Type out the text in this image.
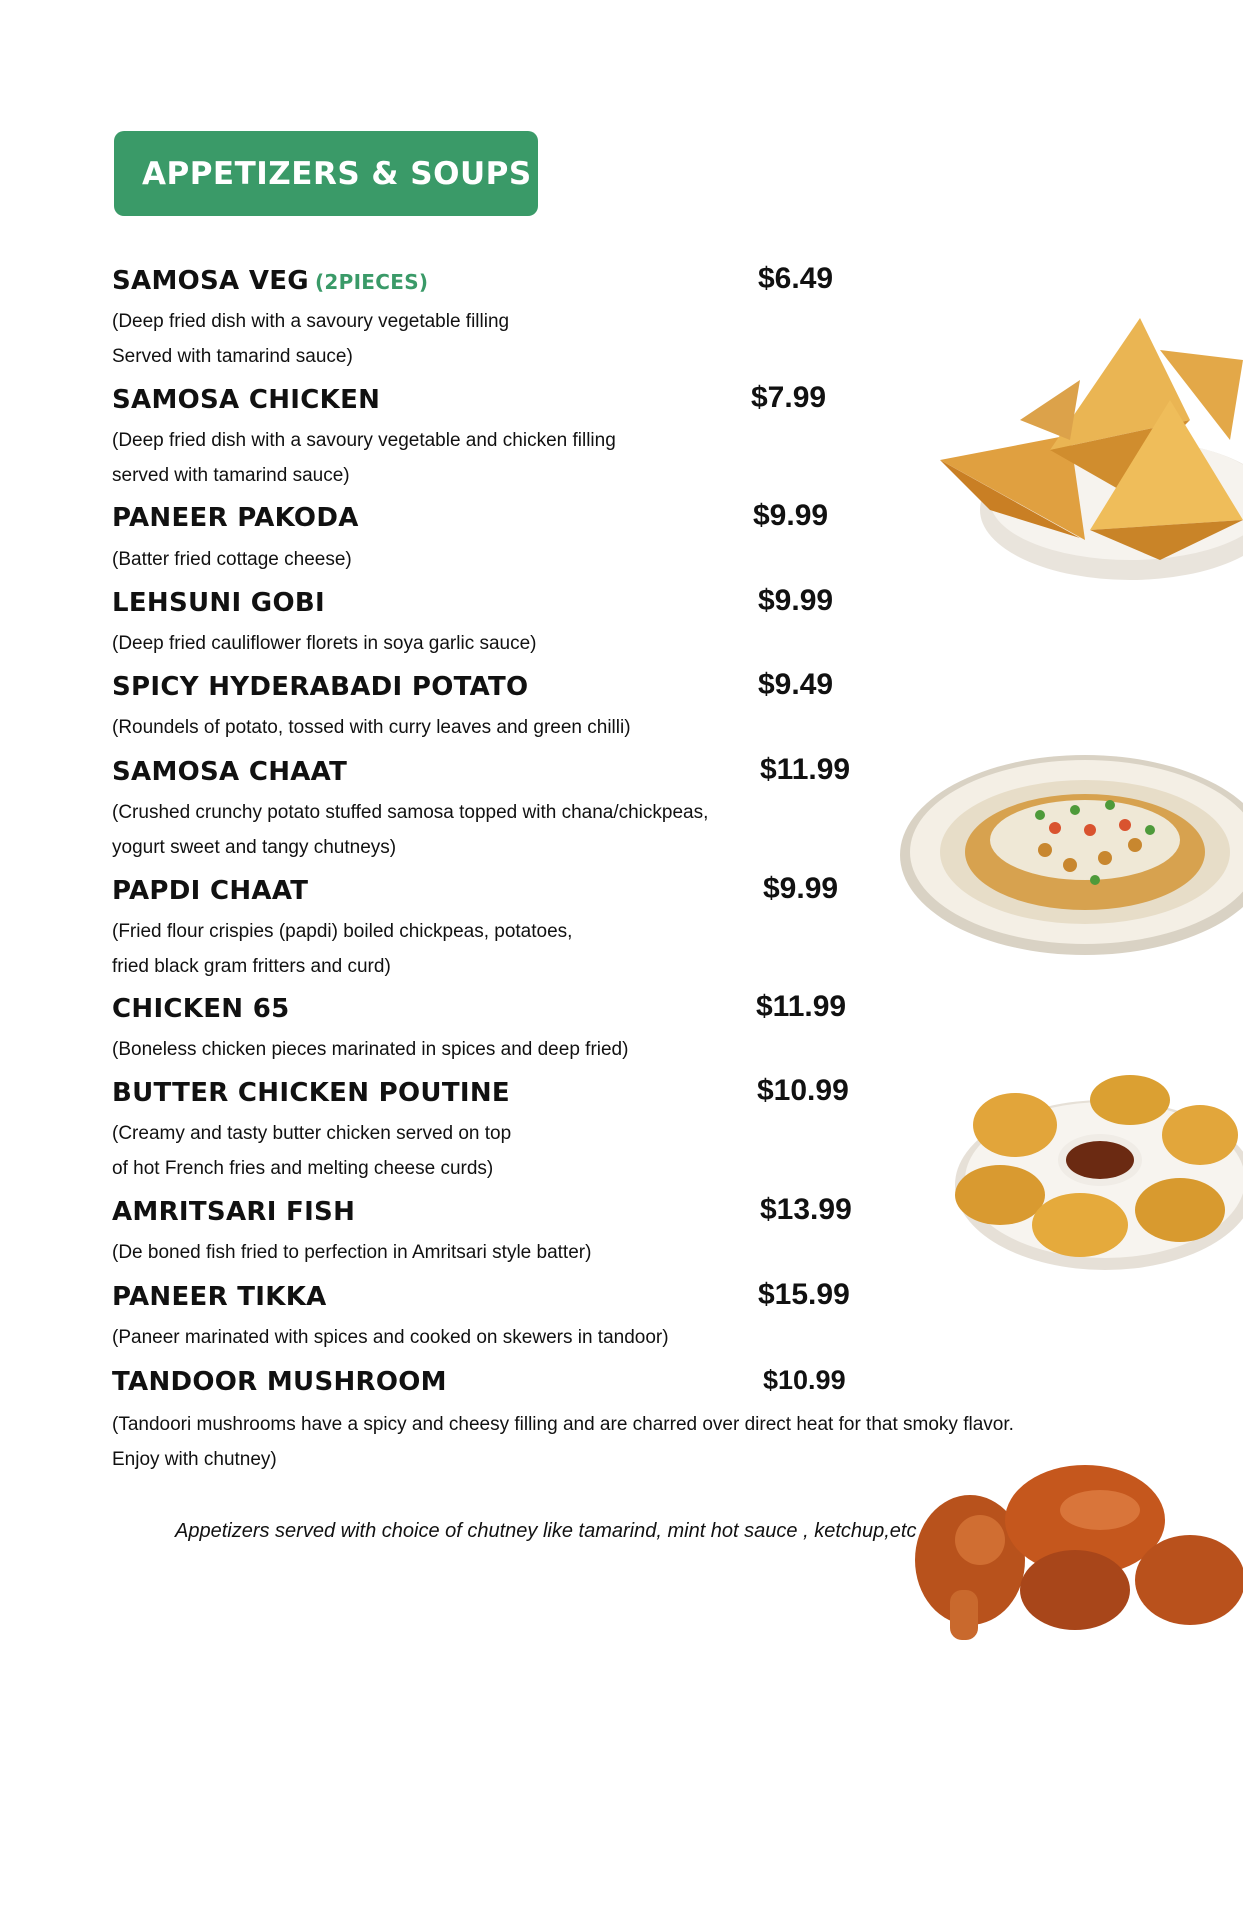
APPETIZERS & SOUPS
SAMOSA VEG (2PIECES)	$6.49
(Deep fried dish with a savoury vegetable filling
Served with tamarind sauce)
SAMOSA CHICKEN	$7.99
(Deep fried dish with a savoury vegetable and chicken filling
served with tamarind sauce)
PANEER PAKODA	$9.99
(Batter fried cottage cheese)
LEHSUNI GOBI	$9.99
(Deep fried cauliflower florets in soya garlic sauce)
SPICY HYDERABADI POTATO	$9.49
(Roundels of potato, tossed with curry leaves and green chilli)
SAMOSA CHAAT	$11.99
(Crushed crunchy potato stuffed samosa topped with chana/chickpeas,
yogurt sweet and tangy chutneys)
PAPDI CHAAT	$9.99
(Fried flour crispies (papdi) boiled chickpeas, potatoes,
fried black gram fritters and curd)
CHICKEN 65	$11.99
(Boneless chicken pieces marinated in spices and deep fried)
BUTTER CHICKEN POUTINE	$10.99
(Creamy and tasty butter chicken served on top
of hot French fries and melting cheese curds)
AMRITSARI FISH	$13.99
(De boned fish fried to perfection in Amritsari style batter)
PANEER TIKKA	$15.99
(Paneer marinated with spices and cooked on skewers in tandoor)
TANDOOR MUSHROOM	$10.99
(Tandoori mushrooms have a spicy and cheesy filling and are charred over direct heat for that smoky flavor.
Enjoy with chutney)
Appetizers served with choice of chutney like tamarind, mint hot sauce , ketchup,etc
